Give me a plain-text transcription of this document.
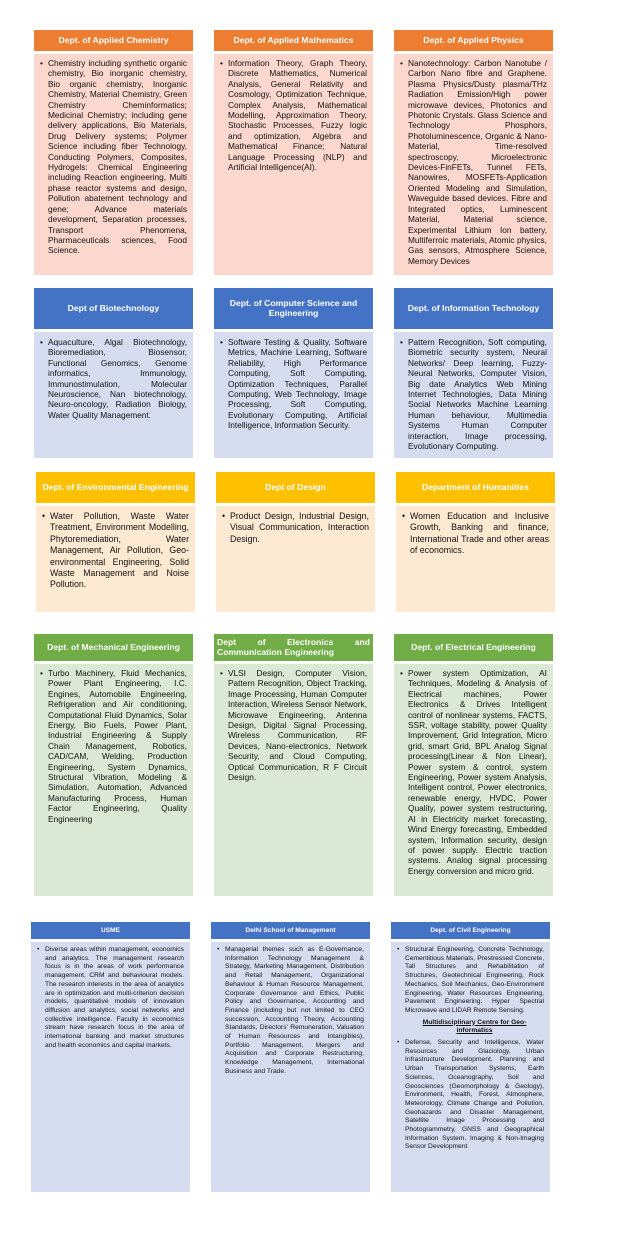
Dept. of Applied Chemistry
• Chemistry including synthetic organic chemistry, Bio inorganic chemistry, Bio organic chemistry, Inorganic Chemistry, Material Chemistry, Green Chemistry Cheminformatics; Medicinal Chemistry; including gene delivery applications, Bio Materials, Drug Delivery systems; Polymer Science including fiber Technology, Conducting Polymers, Composites, Hydrogels: Chemical Engineering including Reaction engineering, Multi phase reactor systems and design, Pollution abatement technology and gene; Advance materials development, Separation processes, Transport Phenomena, Pharmaceuticals sciences, Food Science.
Dept. of Applied Mathematics
• Information Theory, Graph Theory, Discrete Mathematics, Numerical Analysis, General Relativity and Cosmology, Optimization Technique, Complex Analysis, Mathematical Modelling, Approximation Theory, Stochastic Processes, Fuzzy logic and optimization, Algebra and Mathematical Finance; Natural Language Processing (NLP) and Artificial Intelligence(AI).
Dept. of Applied Physics
• Nanotechnology: Carbon Nanotube / Carbon Nano fibre and Graphene. Plasma Physics/Dusty plasma/THz Radiation Emission/High power microwave devices, Photonics and Photonic Crystals. Glass Science and Technology Phosphors, Photoluminescence, Organic & Nano-Material, Time-resolved spectroscopy, Microelectronic Devices-FinFETs, Tunnel FETs, Nanowires, MOSFETs-Application Oriented Modeling and Simulation, Waveguide based devices. Fibre and Integrated optics, Luminescent Material, Material science, Experimental Lithium Ion battery, Multiferroic materials, Atomic physics, Gas sensors, Atmosphere Science, Memory Devices
Dept of Biotechnology
• Aquaculture, Algal Biotechnology, Bioremediation, Biosensor, Functional Genomics, Genome informatics, Immunology, Immunostimulation, Molecular Neuroscience, Nan biotechnology, Neuro-oncology, Radiation Biology, Water Quality Management.
Dept. of Computer Science and Engineering
• Software Testing & Quality, Software Metrics, Machine Learning, Software Reliability, High Performance Computing, Soft Computing, Optimization Techniques, Parallel Computing, Web Technology, Image Processing, Soft Computing, Evolutionary Computing, Artificial Intelligence, Information Security.
Dept. of Information Technology
• Pattern Recognition, Soft computing, Biometric security system, Neural Networks/ Deep learning, Fuzzy- Neural Networks, Computer Vision, Big date Analytics Web Mining Internet Technologies, Data Mining Social Networks Machine Learning Human behaviour, Multimedia Systems Human Computer interaction, Image processing, Evolutionary Computing.
Dept. of Environmental Engineering
• Water Pollution, Waste Water Treatment, Environment Modelling, Phytoremediation, Water Management, Air Pollution, Geo-environmental Engineering, Solid Waste Management and Noise Pollution.
Dept of Design
• Product Design, Industrial Design, Visual Communication, Interaction Design.
Department of Humanities
• Women Education and Inclusive Growth, Banking and finance, International Trade and other areas of economics.
Dept. of Mechanical Engineering
• Turbo Machinery, Fluid Mechanics, Power Plant Engineering, I.C. Engines, Automobile Engineering, Refrigeration and Air conditioning, Computational Fluid Dynamics, Solar Energy, Bio Fuels, Power Plant, Industrial Engineering & Supply Chain Management, Robotics, CAD/CAM, Welding, Production Engineering, System Dynamics, Structural Vibration, Modeling & Simulation, Automation, Advanced Manufacturing Process, Human Factor Engineering, Quality Engineering
Dept of Electronics and Communication Engineering
• VLSI Design, Computer Vision, Pattern Recognition, Object Tracking, Image Processing, Human Computer Interaction, Wireless Sensor Network, Microwave Engineering, Antenna Design, Digital Signal Processing, Wireless Communication, RF Devices, Nano-electronics, Network Security, and Cloud Computing, Optical Communication, R F Circuit Design.
Dept. of Electrical Engineering
• Power system Optimization, AI Techniques, Modeling & Analysis of Electrical machines, Power Electronics & Drives Intelligent control of nonlinear systems, FACTS, SSR, voltage stability, power Quality Improvement, Grid Integration, Micro grid, smart Grid, BPL Analog Signal processing(Linear & Non Linear), Power system & control, system Engineering, Power system Analysis, Intelligent control, Power electronics, renewable energy, HVDC, Power Quality, power system restructuring, AI in Electricity market forecasting, Wind Energy forecasting, Embedded system, Information security, design of power supply. Electric traction systems. Analog signal processing Energy conversion and micro grid.
USME
• Diverse areas within management, economics and analytics. The management research focus is in the areas of work performance management, CRM and behavioural models. The research interests in the area of analytics are in optimization and multi-criterion decision models, quantitative models of innovation diffusion and analytics, social networks and collective intelligence. Faculty in economics stream have research focus in the area of international banking and market structures and health economics and capital markets.
Delhi School of Management
• Managerial themes such as E-Governance, Information Technology Management & Strategy, Marketing Management, Distribution and Retail Management, Organizational Behaviour & Human Resource Management, Corporate Governance and Ethics, Public Policy and Governance, Accounting and Finance (including but not limited to CEO succession, Accounting Theory, Accounting Standards, Directors' Remuneration, Valuation of Human Resources and Intangibles), Portfolio Management, Mergers and Acquisition and Corporate Restructuring, Knowledge Management, International Business and Trade.
Dept. of Civil Engineering
• Structural Engineering, Concrete Technology, Cementitious Materials, Prestressed Concrete, Tall Structures and Rehabilitation of Structures, Geotechnical Engineering, Rock Mechanics, Soil Mechanics, Geo-Environment Engineering, Water Resources Engineering, Pavement Engineering. Hyper Spectral Microwave and LIDAR Remote Sensing.
Multidisciplinary Centre for Geo-informatics
• Defense, Security and Intelligence, Water Resources and Glaciology, Urban Infrastructure Development, Planning and Urban Transportation Systems, Earth Sciences, Oceanography, Soil and Geosciences (Geomorphology & Geology), Environment, Health, Forest, Atmosphere, Meteorology, Climate Change and Pollution, Geohazards and Disaster Management, Satellite Image Processing and Photogrammetry, GNSS and Geographical Information System. Imaging & Non-Imaging Sensor Development
